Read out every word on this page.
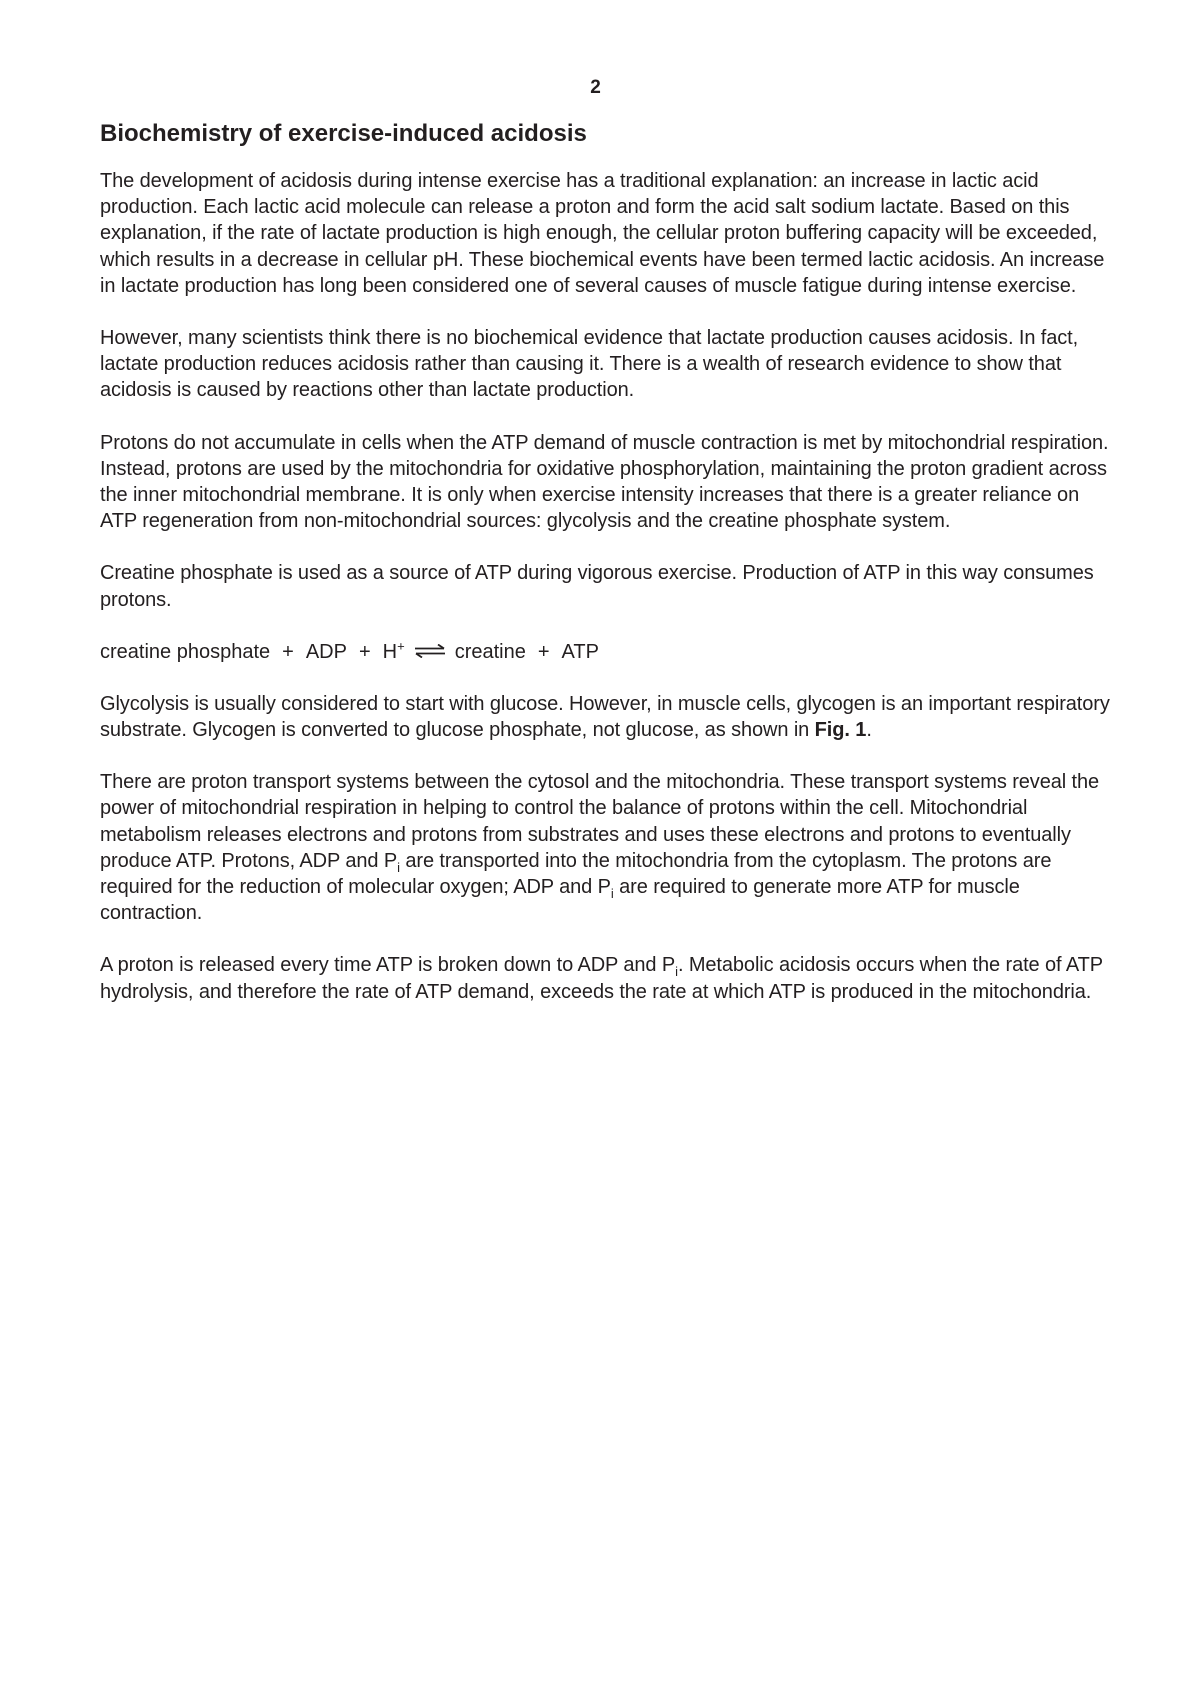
2
Biochemistry of exercise-induced acidosis

The development of acidosis during intense exercise has a traditional explanation: an increase in lactic acid production. Each lactic acid molecule can release a proton and form the acid salt sodium lactate. Based on this explanation, if the rate of lactate production is high enough, the cellular proton buffering capacity will be exceeded, which results in a decrease in cellular pH. These biochemical events have been termed lactic acidosis. An increase in lactate production has long been considered one of several causes of muscle fatigue during intense exercise.

However, many scientists think there is no biochemical evidence that lactate production causes acidosis. In fact, lactate production reduces acidosis rather than causing it. There is a wealth of research evidence to show that acidosis is caused by reactions other than lactate production.

Protons do not accumulate in cells when the ATP demand of muscle contraction is met by mitochondrial respiration. Instead, protons are used by the mitochondria for oxidative phosphorylation, maintaining the proton gradient across the inner mitochondrial membrane. It is only when exercise intensity increases that there is a greater reliance on ATP regeneration from non-mitochondrial sources: glycolysis and the creatine phosphate system.

Creatine phosphate is used as a source of ATP during vigorous exercise. Production of ATP in this way consumes protons.

creatine phosphate + ADP + H+ ⇌ creatine + ATP

Glycolysis is usually considered to start with glucose. However, in muscle cells, glycogen is an important respiratory substrate. Glycogen is converted to glucose phosphate, not glucose, as shown in Fig. 1.

There are proton transport systems between the cytosol and the mitochondria. These transport systems reveal the power of mitochondrial respiration in helping to control the balance of protons within the cell. Mitochondrial metabolism releases electrons and protons from substrates and uses these electrons and protons to eventually produce ATP. Protons, ADP and $P_i$ are transported into the mitochondria from the cytoplasm. The protons are required for the reduction of molecular oxygen; ADP and $P_i$ are required to generate more ATP for muscle contraction.

A proton is released every time ATP is broken down to ADP and $P_i$. Metabolic acidosis occurs when the rate of ATP hydrolysis, and therefore the rate of ATP demand, exceeds the rate at which ATP is produced in the mitochondria.
